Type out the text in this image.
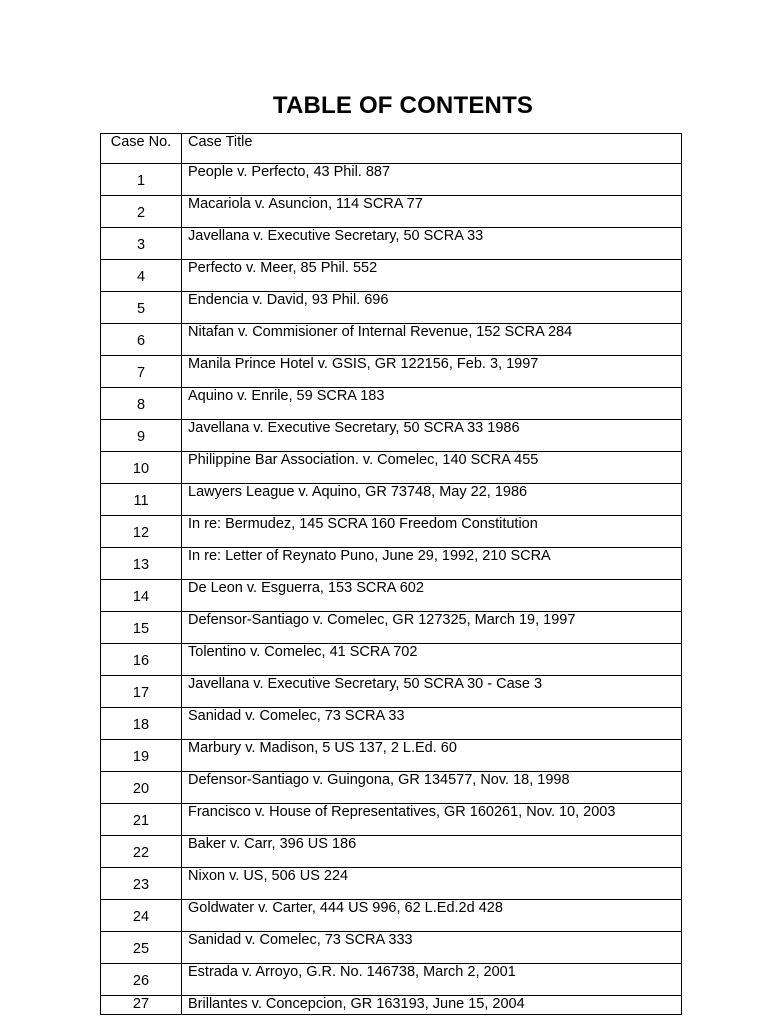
TABLE OF CONTENTS
Case No.	Case Title
1	People v. Perfecto, 43 Phil. 887
2	Macariola v. Asuncion, 114 SCRA 77
3	Javellana v. Executive Secretary, 50 SCRA 33
4	Perfecto v. Meer, 85 Phil. 552
5	Endencia v. David, 93 Phil. 696
6	Nitafan v. Commisioner of Internal Revenue, 152 SCRA 284
7	Manila Prince Hotel v. GSIS, GR 122156, Feb. 3, 1997
8	Aquino v. Enrile, 59 SCRA 183
9	Javellana v. Executive Secretary, 50 SCRA 33 1986
10	Philippine Bar Association. v. Comelec, 140 SCRA 455
11	Lawyers League v. Aquino, GR 73748, May 22, 1986
12	In re: Bermudez, 145 SCRA 160 Freedom Constitution
13	In re: Letter of Reynato Puno, June 29, 1992, 210 SCRA
14	De Leon v. Esguerra, 153 SCRA 602
15	Defensor-Santiago v. Comelec, GR 127325, March 19, 1997
16	Tolentino v. Comelec, 41 SCRA 702
17	Javellana v. Executive Secretary, 50 SCRA 30 - Case 3
18	Sanidad v. Comelec, 73 SCRA 33
19	Marbury v. Madison, 5 US 137, 2 L.Ed. 60
20	Defensor-Santiago v. Guingona, GR 134577, Nov. 18, 1998
21	Francisco v. House of Representatives, GR 160261, Nov. 10, 2003
22	Baker v. Carr, 396 US 186
23	Nixon v. US, 506 US 224
24	Goldwater v. Carter, 444 US 996, 62 L.Ed.2d 428
25	Sanidad v. Comelec, 73 SCRA 333
26	Estrada v. Arroyo, G.R. No. 146738, March 2, 2001
27	Brillantes v. Concepcion, GR 163193, June 15, 2004
